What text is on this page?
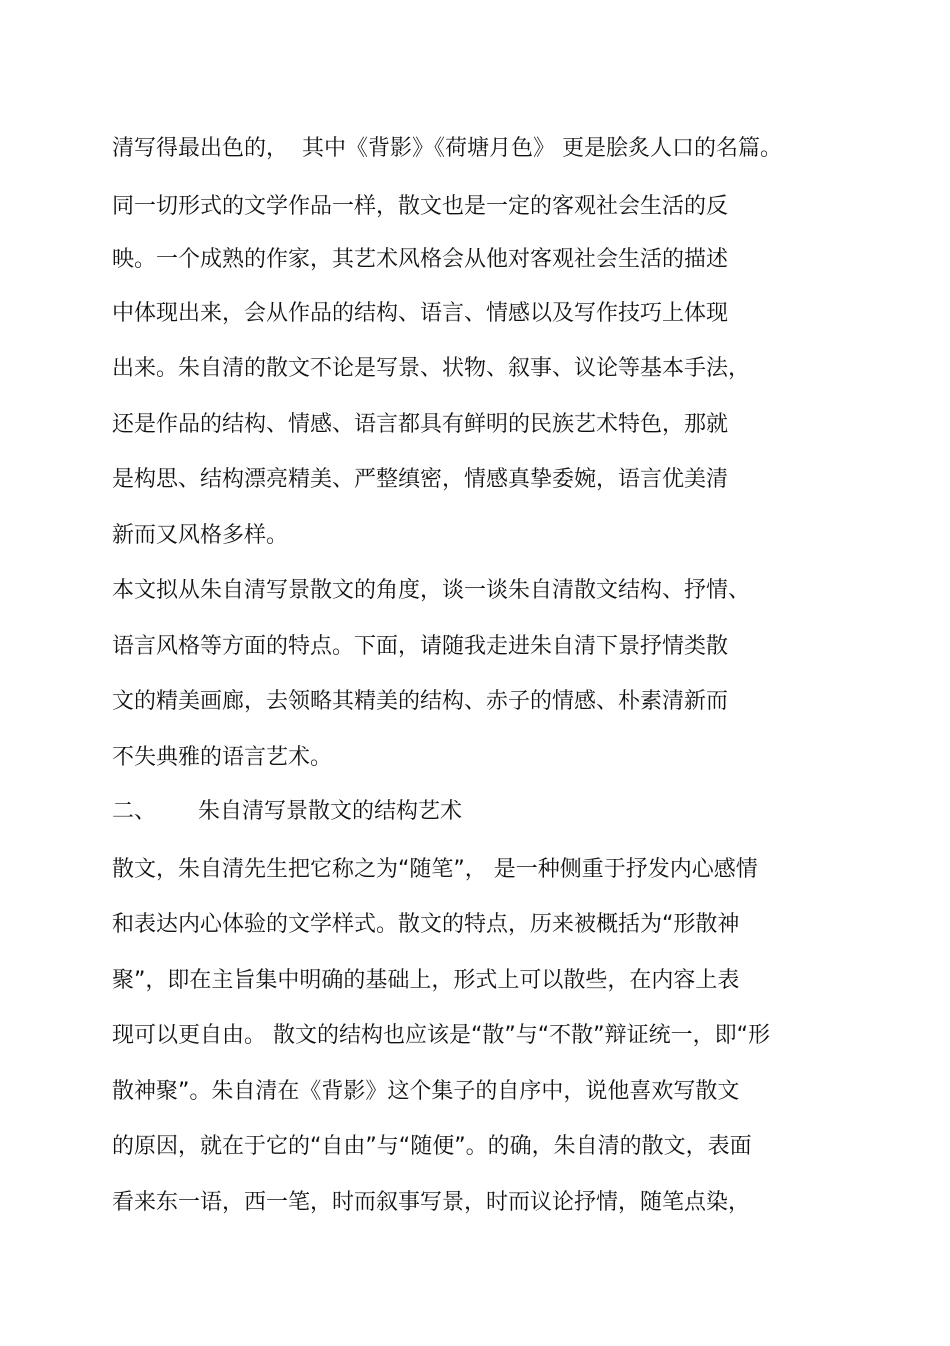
清写得最出色的，  其中《背影》《荷塘月色》 更是脍炙人口的名篇。
同一切形式的文学作品一样，散文也是一定的客观社会生活的反
映。一个成熟的作家，其艺术风格会从他对客观社会生活的描述
中体现出来，会从作品的结构、语言、情感以及写作技巧上体现
出来。朱自清的散文不论是写景、状物、叙事、议论等基本手法，
还是作品的结构、情感、语言都具有鲜明的民族艺术特色，那就
是构思、结构漂亮精美、严整缜密，情感真挚委婉，语言优美清
新而又风格多样。
本文拟从朱自清写景散文的角度，谈一谈朱自清散文结构、抒情、
语言风格等方面的特点。下面，请随我走进朱自清下景抒情类散
文的精美画廊，去领略其精美的结构、赤子的情感、朴素清新而
不失典雅的语言艺术。
二、      朱自清写景散文的结构艺术
散文，朱自清先生把它称之为“随笔”， 是一种侧重于抒发内心感情
和表达内心体验的文学样式。散文的特点，历来被概括为“形散神
聚”，即在主旨集中明确的基础上，形式上可以散些，在内容上表
现可以更自由。 散文的结构也应该是“散”与“不散”辩证统一，即“形
散神聚”。朱自清在《背影》这个集子的自序中，说他喜欢写散文
的原因，就在于它的“自由”与“随便”。的确，朱自清的散文，表面
看来东一语，西一笔，时而叙事写景，时而议论抒情，随笔点染，
